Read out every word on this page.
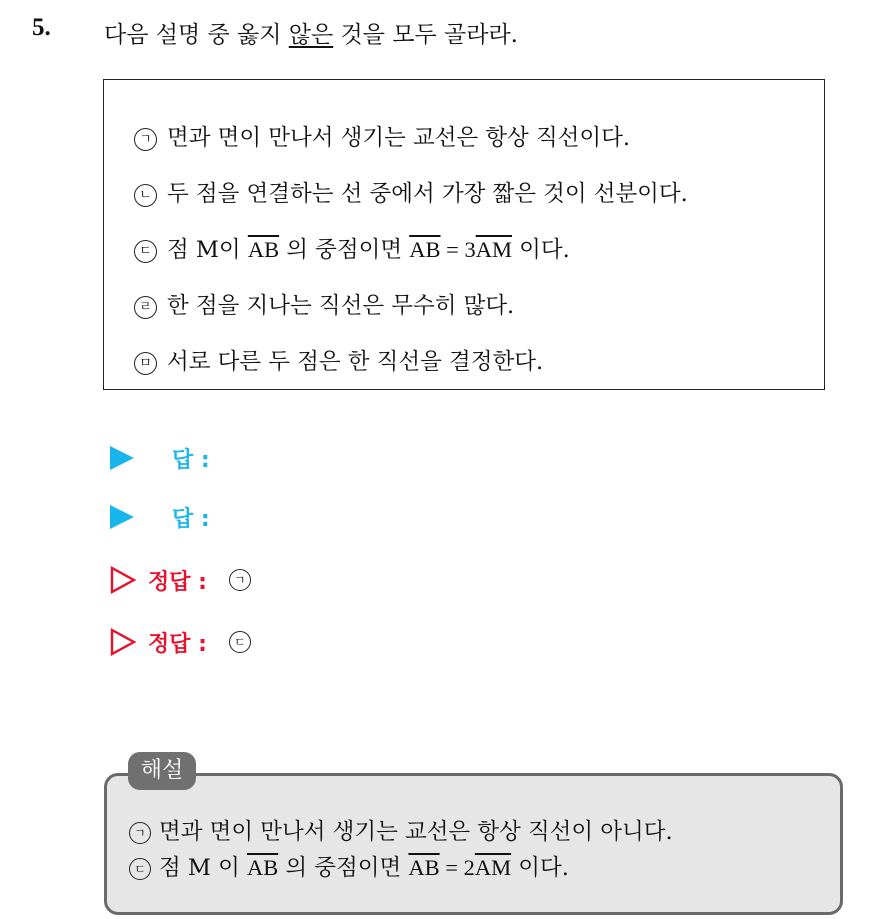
5. 다음 설명 중 옳지 않은 것을 모두 골라라.
ㄱ 면과 면이 만나서 생기는 교선은 항상 직선이다.
ㄴ 두 점을 연결하는 선 중에서 가장 짧은 것이 선분이다.
ㄷ 점 M이 $\overline{AB}$ 의 중점이면 $\overline{AB} = 3\overline{AM}$ 이다.
ㄹ 한 점을 지나는 직선은 무수히 많다.
ㅁ 서로 다른 두 점은 한 직선을 결정한다.
답 :
답 :
정답 :	ㄱ
정답 :	ㄷ
ㄱ 면과 면이 만나서 생기는 교선은 항상 직선이 아니다.
ㄷ 점 M 이 $\overline{AB}$ 의 중점이면 $\overline{AB} = 2\overline{AM}$ 이다.
해설
